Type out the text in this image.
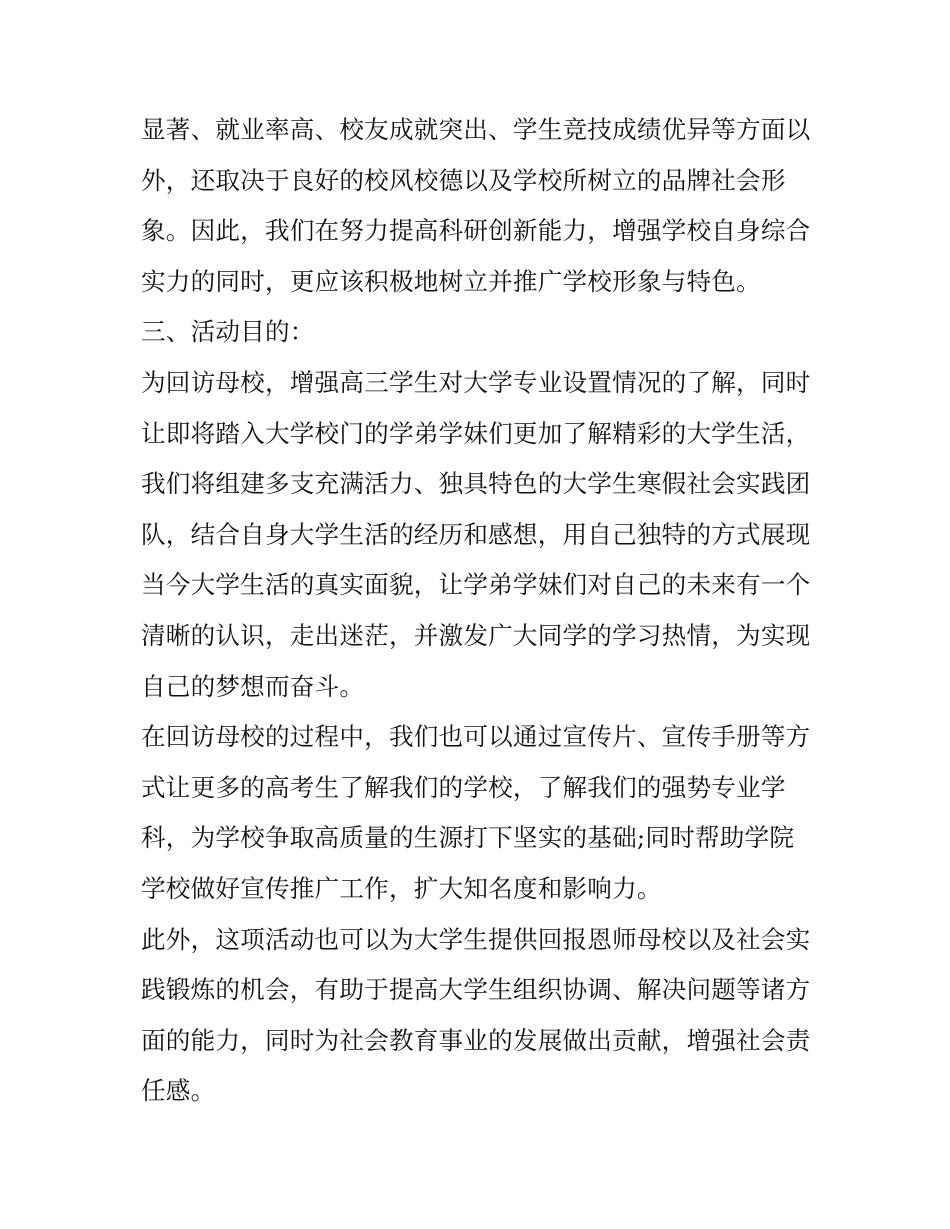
显著、就业率高、校友成就突出、学生竞技成绩优异等方面以
外，还取决于良好的校风校德以及学校所树立的品牌社会形
象。因此，我们在努力提高科研创新能力，增强学校自身综合
实力的同时，更应该积极地树立并推广学校形象与特色。
三、活动目的：
为回访母校，增强高三学生对大学专业设置情况的了解，同时
让即将踏入大学校门的学弟学妹们更加了解精彩的大学生活，
我们将组建多支充满活力、独具特色的大学生寒假社会实践团
队，结合自身大学生活的经历和感想，用自己独特的方式展现
当今大学生活的真实面貌，让学弟学妹们对自己的未来有一个
清晰的认识，走出迷茫，并激发广大同学的学习热情，为实现
自己的梦想而奋斗。
在回访母校的过程中，我们也可以通过宣传片、宣传手册等方
式让更多的高考生了解我们的学校，了解我们的强势专业学
科，为学校争取高质量的生源打下坚实的基础;同时帮助学院
学校做好宣传推广工作，扩大知名度和影响力。
此外，这项活动也可以为大学生提供回报恩师母校以及社会实
践锻炼的机会，有助于提高大学生组织协调、解决问题等诸方
面的能力，同时为社会教育事业的发展做出贡献，增强社会责
任感。
